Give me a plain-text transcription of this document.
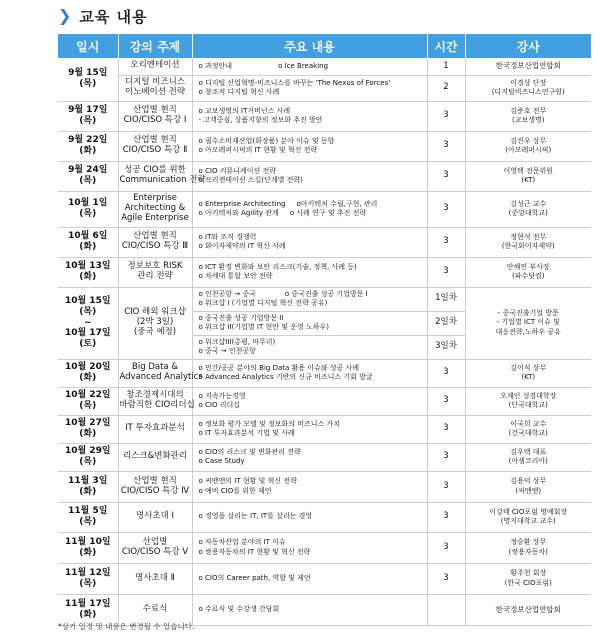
❯ 교육 내용
일시	강의 주제	주요 내용	시간	강사

9월 15일
(목)	오리엔테이션	o 과정안내 o Ice Breaking	1	한국정보산업연합회

	디지털 비즈니스
이노베이션 전략	o 디지털 산업혁명-비즈니스를 바꾸는 'The Nexus of Forces'
o 창조적 디지털 혁신 사례	2	이경상 단장
(디지털비즈니스연구원)

9월 17일
(목)	산업별 현직
CIO/CISO 특강 Ⅰ	o 교보생명의 IT거버넌스 사례
- 고객중심, 상품지향의 정보화 추진 방안	3	김준호 전무
(교보생명)

9월 22일
(화)	산업별 현직
CIO/CISO 특강 Ⅱ	o 필수소비재산업(화장품) 분야 이슈 및 동향
o 아모레퍼시픽의 IT 현황 및 혁신 전략	3	김진우 상무
(아모레퍼시픽)

9월 24일
(목)	성공 CIO를 위한
Communication 전략	o CIO 커뮤니케이션 전략
o 프리젠테이션 스킬(단계별 전략)	3	이영택 전문위원
(KT)

10월 1일
(목)	Enterprise
Architecting &
Agile Enterprise	o Enterprise Architecting     o아키텍처 수립,구현, 관리
o 아키텍처와 Agility 관계     o 사례 연구 및 추진 전략	3	김성근 교수
(중앙대학교)

10월 6일
(화)	산업별 현직
CIO/CISO 특강 Ⅲ	o IT와 조직 경쟁력
o 화이자제약의 IT 혁신 사례	3	정현석 전무
(한국화이자제약)

10월 13일
(화)	정보보호 RISK
관리 전략	o ICT 환경 변화와 보안 리스크(기술, 정책, 사례 등)
o 차세대 통합 보안 전략	3	안해연 부사장
(파수닷컴)

10월 15일
(목)
~
10월 17일
(토)	CIO 해외 워크샵
(2박 3일)
(중국 예정)	o 인천공항 → 중국             o 중국진출 성공 기업방문 I
o 워크샵 I (기업별 디지털 혁신 전략 공유)	1일차	- 중국진출기업 방문
- 기업별 ICT 이슈 및
대응전략,노하우 공유

		o 중국진출 성공 기업방문 II
o 워크샵 II(기업별 IT 현안 및 운영 노하우)	2일차	

		o 워크샵III(총평, 마무리)
o 중국 → 인천공항	3일차	

10월 20일
(화)	Big Data &
Advanced Analytics	o 민간/공공 분야의 Big Data 활용 이슈와 성공 사례
o Advanced Analytics 기반의 신규 비즈니스 기회 발굴	3	김이식 상무
(KT)

10월 22일
(목)	창조경제시대의
바람직한 CIO리더십	o 지속가능경영
o CIO 리더십	3	오재인 성경대학장
(단국대학교)

10월 27일
(화)	IT 투자효과분석	o 정보화 평가 모델 및 정보화의 비즈니스 가치
o IT 투자효과분석 기법 및 사례	3	이국희 교수
(건국대학교)

10월 29일
(목)	리스크&변화관리	o CIO의 리스크 및 변화관리 전략
o Case Study	3	김우택 대표
(아셈코리아)

11월 3일
(화)	산업별 현직
CIO/CISO 특강 Ⅳ	o 씨맨앤의 IT 현황 및 혁신 전략
o 예비 CIO를 위한 제언	3	김용덕 상무
(씨맨앤)

11월 5일
(목)	명사초대 Ⅰ	o 경영을 살리는 IT, IT를 살리는 경영	3	이강태 CIO포럼 명예회장
(명지대학교 교수)

11월 10일
(화)	산업별
CIO/CISO 특강 Ⅴ	o 자동차산업 분야의 IT 이슈
o 쌍용자동차의 IT 현황 및 혁신 전략	3	정승환 상무
(쌍용자동차)

11월 12일
(목)	명사초대 Ⅱ	o CIO의 Career path, 역할 및 제언	3	황주천 회장
(한국 CIO포럼)

11월 17일
(화)	수료식	o 수료식 및 수강생 간담회		한국정보산업연합회
*상기 일정 및 내용은 변경될 수 있습니다.
